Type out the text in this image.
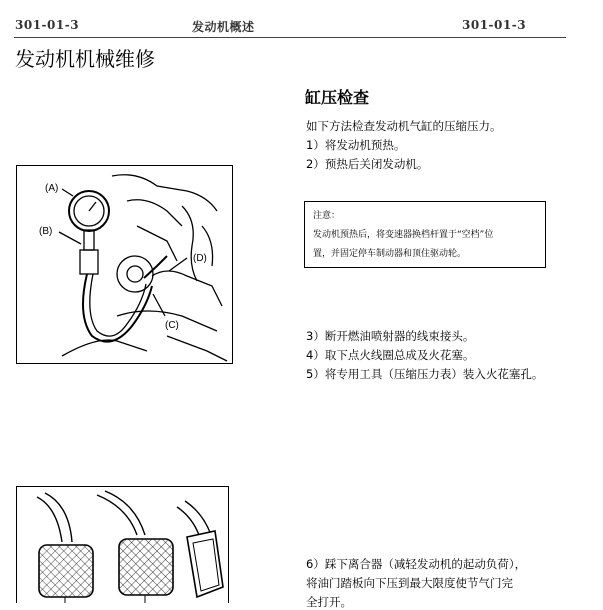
301-01-3	发动机概述	301-01-3
发动机机械维修
缸压检查
如下方法检查发动机气缸的压缩压力。
1）将发动机预热。
2）预热后关闭发动机。
注意：
发动机预热后，将变速器换档杆置于“空档”位
置，并固定停车制动器和顶住驱动轮。
3）断开燃油喷射器的线束接头。
4）取下点火线圈总成及火花塞。
5）将专用工具（压缩压力表）装入火花塞孔。
6）踩下离合器（减轻发动机的起动负荷），
将油门踏板向下压到最大限度使节气门完
全打开。
(A)
(B)
(D)
(C)
